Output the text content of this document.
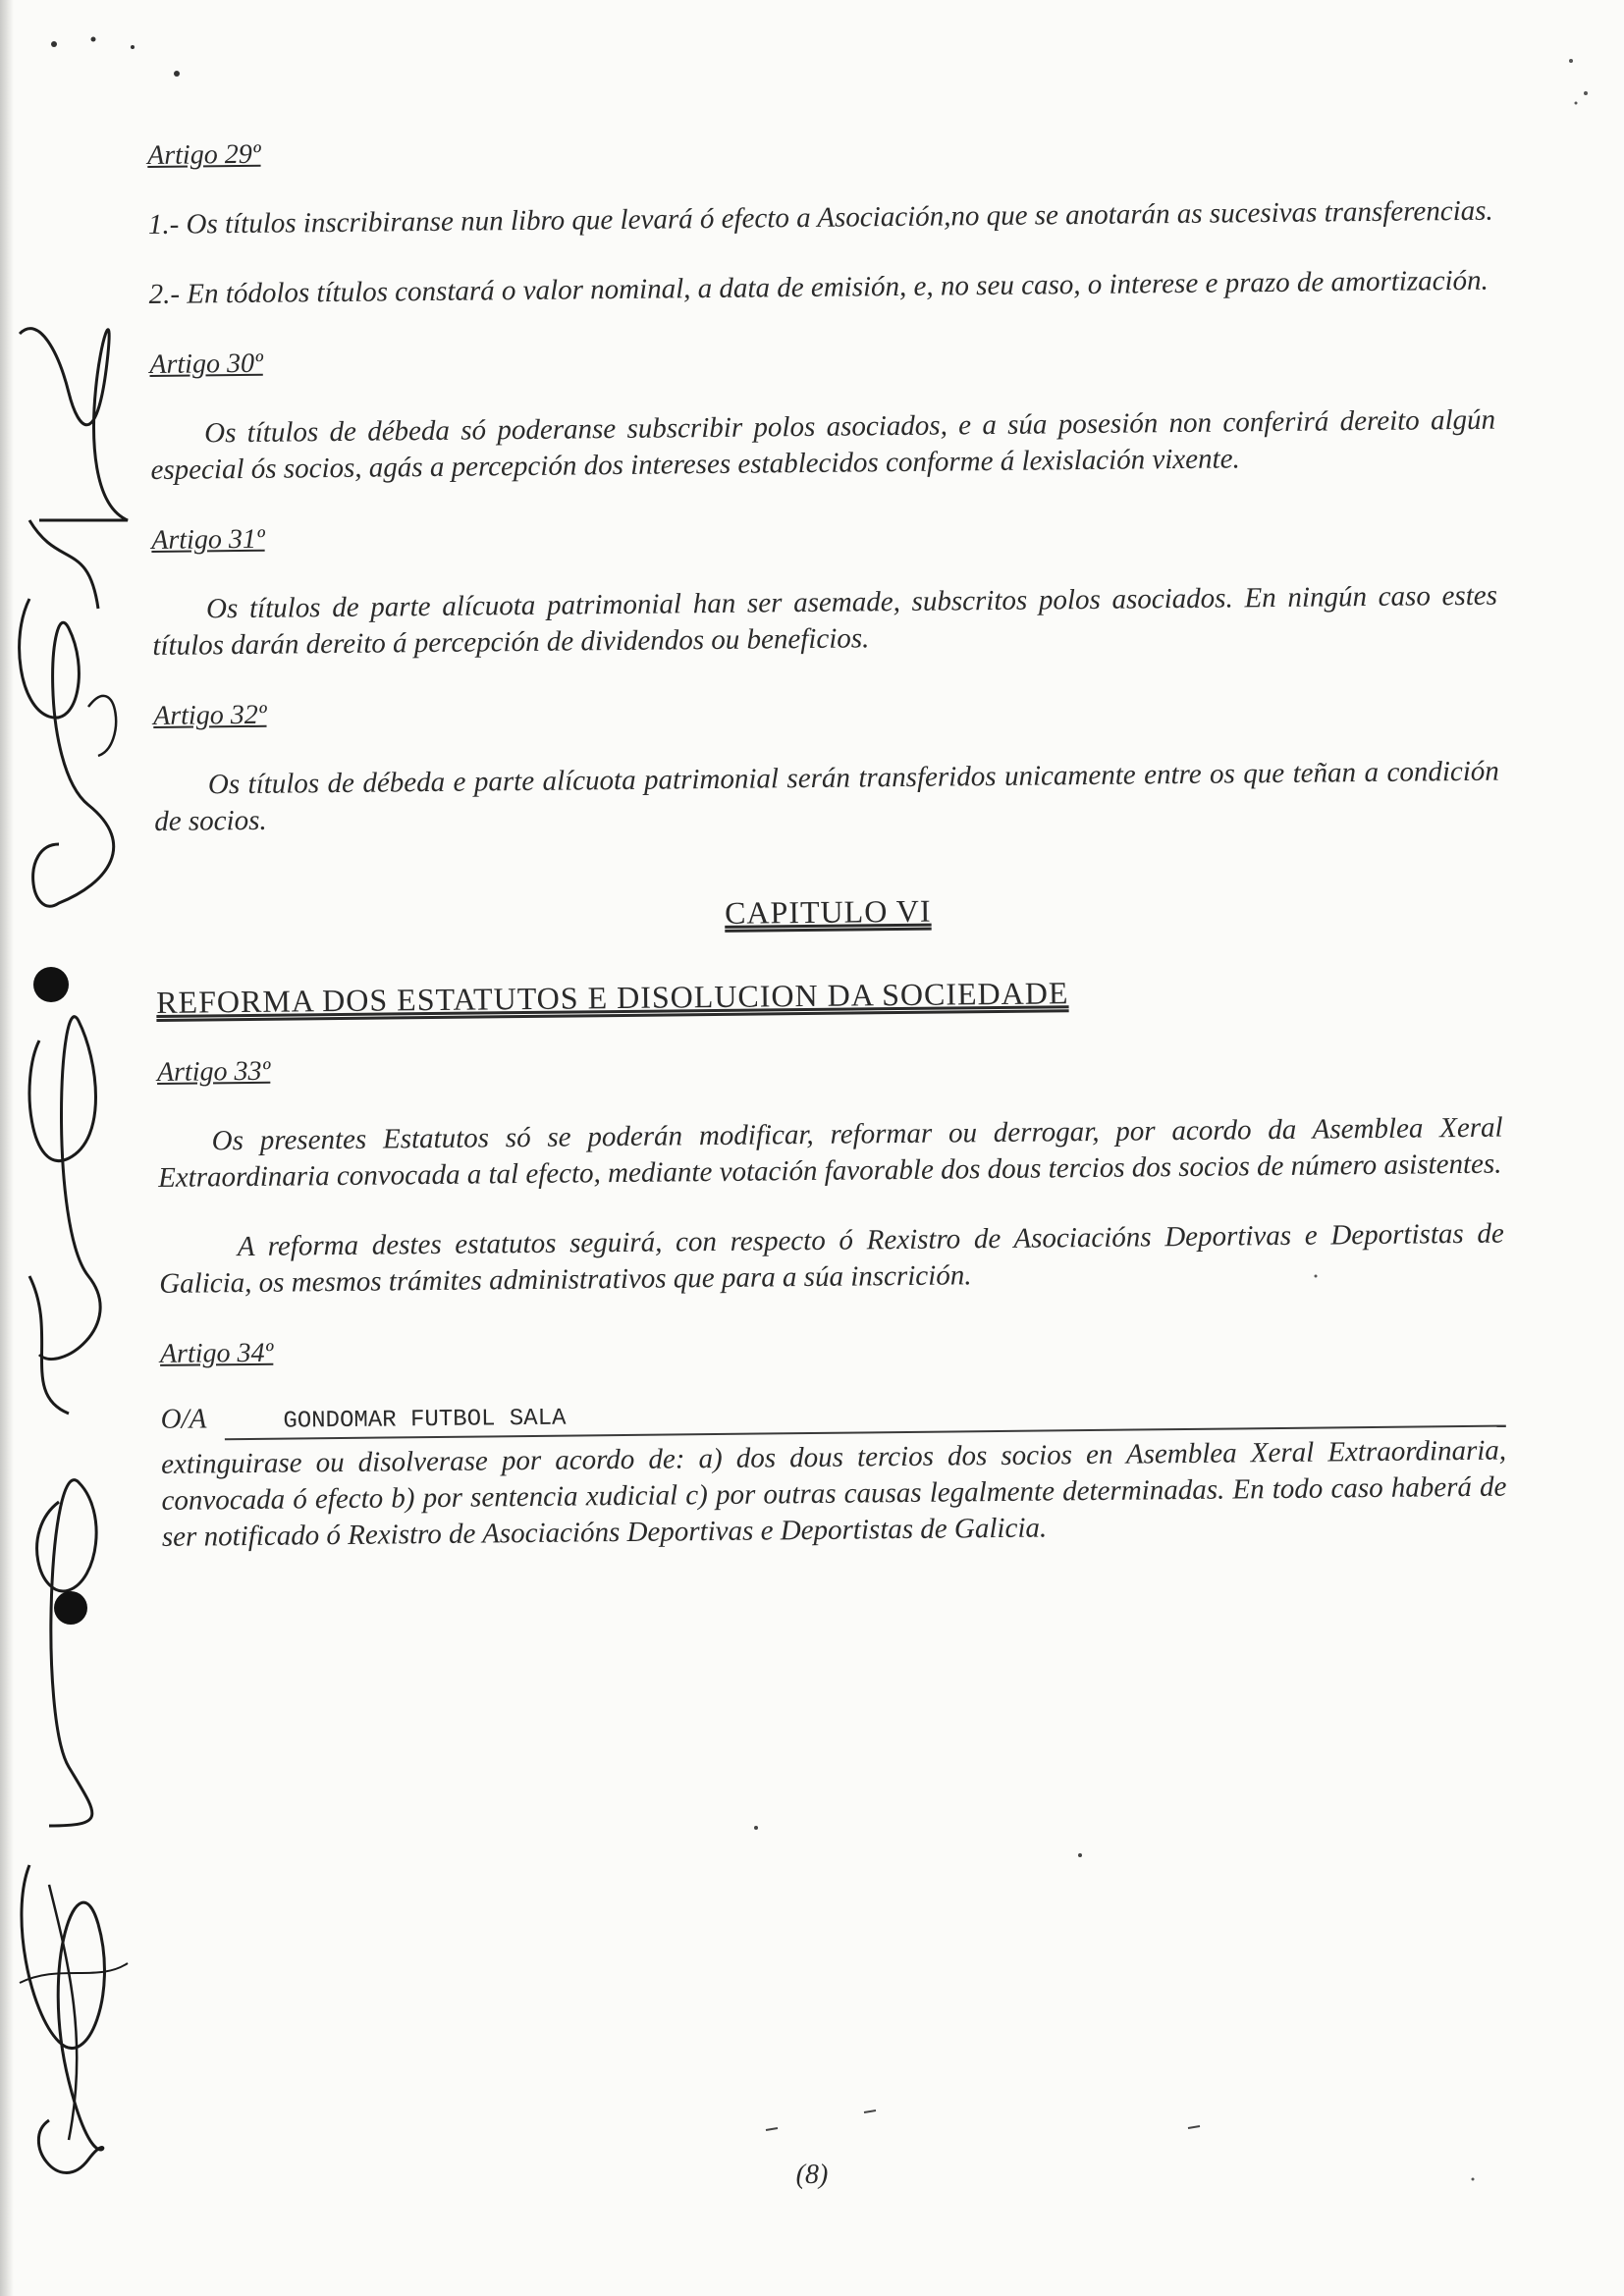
Artigo 29º

1.- Os títulos inscribiranse nun libro que levará ó efecto a Asociación,no que se anotarán as sucesivas transferencias.

2.- En tódolos títulos constará o valor nominal, a data de emisión, e, no seu caso, o interese e prazo de amortización.

Artigo 30º

Os títulos de débeda só poderanse subscribir polos asociados, e a súa posesión non conferirá dereito algún especial ós socios, agás a percepción dos intereses establecidos conforme á lexislación vixente.

Artigo 31º

Os títulos de parte alícuota patrimonial han ser asemade, subscritos polos asociados. En ningún caso estes títulos darán dereito á percepción de dividendos ou beneficios.

Artigo 32º

Os títulos de débeda e parte alícuota patrimonial serán transferidos unicamente entre os que teñan a condición de socios.

CAPITULO VI
REFORMA DOS ESTATUTOS E DISOLUCION DA SOCIEDADE
Artigo 33º

Os presentes Estatutos só se poderán modificar, reformar ou derrogar, por acordo da Asemblea Xeral Extraordinaria convocada a tal efecto, mediante votación favorable dos dous tercios dos socios de número asistentes.

A reforma destes estatutos seguirá, con respecto ó Rexistro de Asociacións Deportivas e Deportistas de Galicia, os mesmos trámites administrativos que para a súa inscrición.

Artigo 34º
O/A	GONDOMAR FUTBOL SALA

extinguirase ou disolverase por acordo de: a) dos dous tercios dos socios en Asemblea Xeral Extraordinaria, convocada ó efecto b) por sentencia xudicial c) por outras causas legalmente determinadas. En todo caso haberá de ser notificado ó Rexistro de Asociacións Deportivas e Deportistas de Galicia.

(8)
